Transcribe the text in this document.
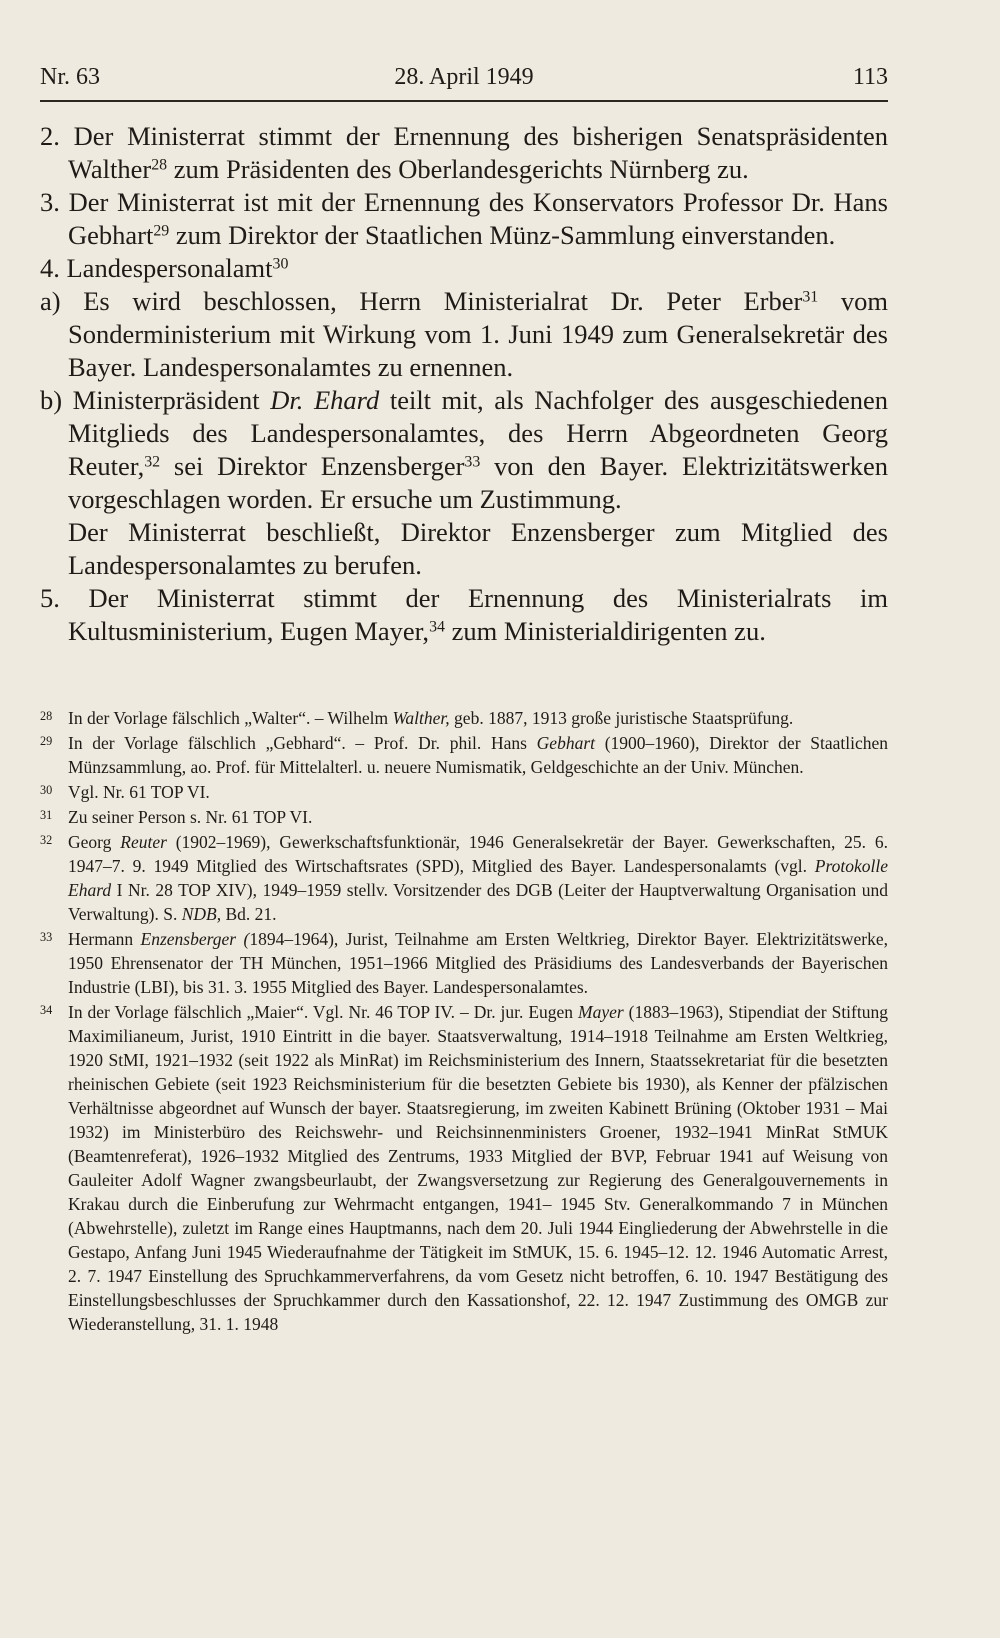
Nr. 63	28. April 1949	113

2. Der Ministerrat stimmt der Ernennung des bisherigen Senatspräsidenten Walther$^{28}$ zum Präsidenten des Oberlandesgerichts Nürnberg zu.

3. Der Ministerrat ist mit der Ernennung des Konservators Professor Dr. Hans Gebhart$^{29}$ zum Direktor der Staatlichen Münz-Sammlung einverstanden.

4. Landespersonalamt$^{30}$

a) Es wird beschlossen, Herrn Ministerialrat Dr. Peter Erber$^{31}$ vom Sonderministerium mit Wirkung vom 1. Juni 1949 zum Generalsekretär des Bayer. Landespersonalamtes zu ernennen.

b) Ministerpräsident Dr. Ehard teilt mit, als Nachfolger des ausgeschiedenen Mitglieds des Landespersonalamtes, des Herrn Abgeordneten Georg Reuter,$^{32}$ sei Direktor Enzensberger$^{33}$ von den Bayer. Elektrizitätswerken vorgeschlagen worden. Er ersuche um Zustimmung.

Der Ministerrat beschließt, Direktor Enzensberger zum Mitglied des Landespersonalamtes zu berufen.

5. Der Ministerrat stimmt der Ernennung des Ministerialrats im Kultusministerium, Eugen Mayer,$^{34}$ zum Ministerialdirigenten zu.

28 In der Vorlage fälschlich „Walter“. – Wilhelm Walther, geb. 1887, 1913 große juristische Staatsprüfung.

29 In der Vorlage fälschlich „Gebhard“. – Prof. Dr. phil. Hans Gebhart (1900–1960), Direktor der Staatlichen Münzsammlung, ao. Prof. für Mittelalterl. u. neuere Numismatik, Geldgeschichte an der Univ. München.

30 Vgl. Nr. 61 TOP VI.

31 Zu seiner Person s. Nr. 61 TOP VI.

32 Georg Reuter (1902–1969), Gewerkschaftsfunktionär, 1946 Generalsekretär der Bayer. Gewerkschaften, 25. 6. 1947–7. 9. 1949 Mitglied des Wirtschaftsrates (SPD), Mitglied des Bayer. Landespersonalamts (vgl. Protokolle Ehard I Nr. 28 TOP XIV), 1949–1959 stellv. Vorsitzender des DGB (Leiter der Hauptverwaltung Organisation und Verwaltung). S. NDB, Bd. 21.

33 Hermann Enzensberger (1894–1964), Jurist, Teilnahme am Ersten Weltkrieg, Direktor Bayer. Elektrizitätswerke, 1950 Ehrensenator der TH München, 1951–1966 Mitglied des Präsidiums des Landesverbands der Bayerischen Industrie (LBI), bis 31. 3. 1955 Mitglied des Bayer. Landespersonalamtes.

34 In der Vorlage fälschlich „Maier“. Vgl. Nr. 46 TOP IV. – Dr. jur. Eugen Mayer (1883–1963), Stipendiat der Stiftung Maximilianeum, Jurist, 1910 Eintritt in die bayer. Staatsverwaltung, 1914–1918 Teilnahme am Ersten Weltkrieg, 1920 StMI, 1921–1932 (seit 1922 als MinRat) im Reichsministerium des Innern, Staatssekretariat für die besetzten rheinischen Gebiete (seit 1923 Reichsministerium für die besetzten Gebiete bis 1930), als Kenner der pfälzischen Verhältnisse abgeordnet auf Wunsch der bayer. Staatsregierung, im zweiten Kabinett Brüning (Oktober 1931 – Mai 1932) im Ministerbüro des Reichswehr- und Reichsinnenministers Groener, 1932–1941 MinRat StMUK (Beamtenreferat), 1926–1932 Mitglied des Zentrums, 1933 Mitglied der BVP, Februar 1941 auf Weisung von Gauleiter Adolf Wagner zwangsbeurlaubt, der Zwangsversetzung zur Regierung des Generalgouvernements in Krakau durch die Einberufung zur Wehrmacht entgangen, 1941– 1945 Stv. Generalkommando 7 in München (Abwehrstelle), zuletzt im Range eines Hauptmanns, nach dem 20. Juli 1944 Eingliederung der Abwehrstelle in die Gestapo, Anfang Juni 1945 Wiederaufnahme der Tätigkeit im StMUK, 15. 6. 1945–12. 12. 1946 Automatic Arrest, 2. 7. 1947 Einstellung des Spruchkammerverfahrens, da vom Gesetz nicht betroffen, 6. 10. 1947 Bestätigung des Einstellungsbeschlusses der Spruchkammer durch den Kassationshof, 22. 12. 1947 Zustimmung des OMGB zur Wiederanstellung, 31. 1. 1948
